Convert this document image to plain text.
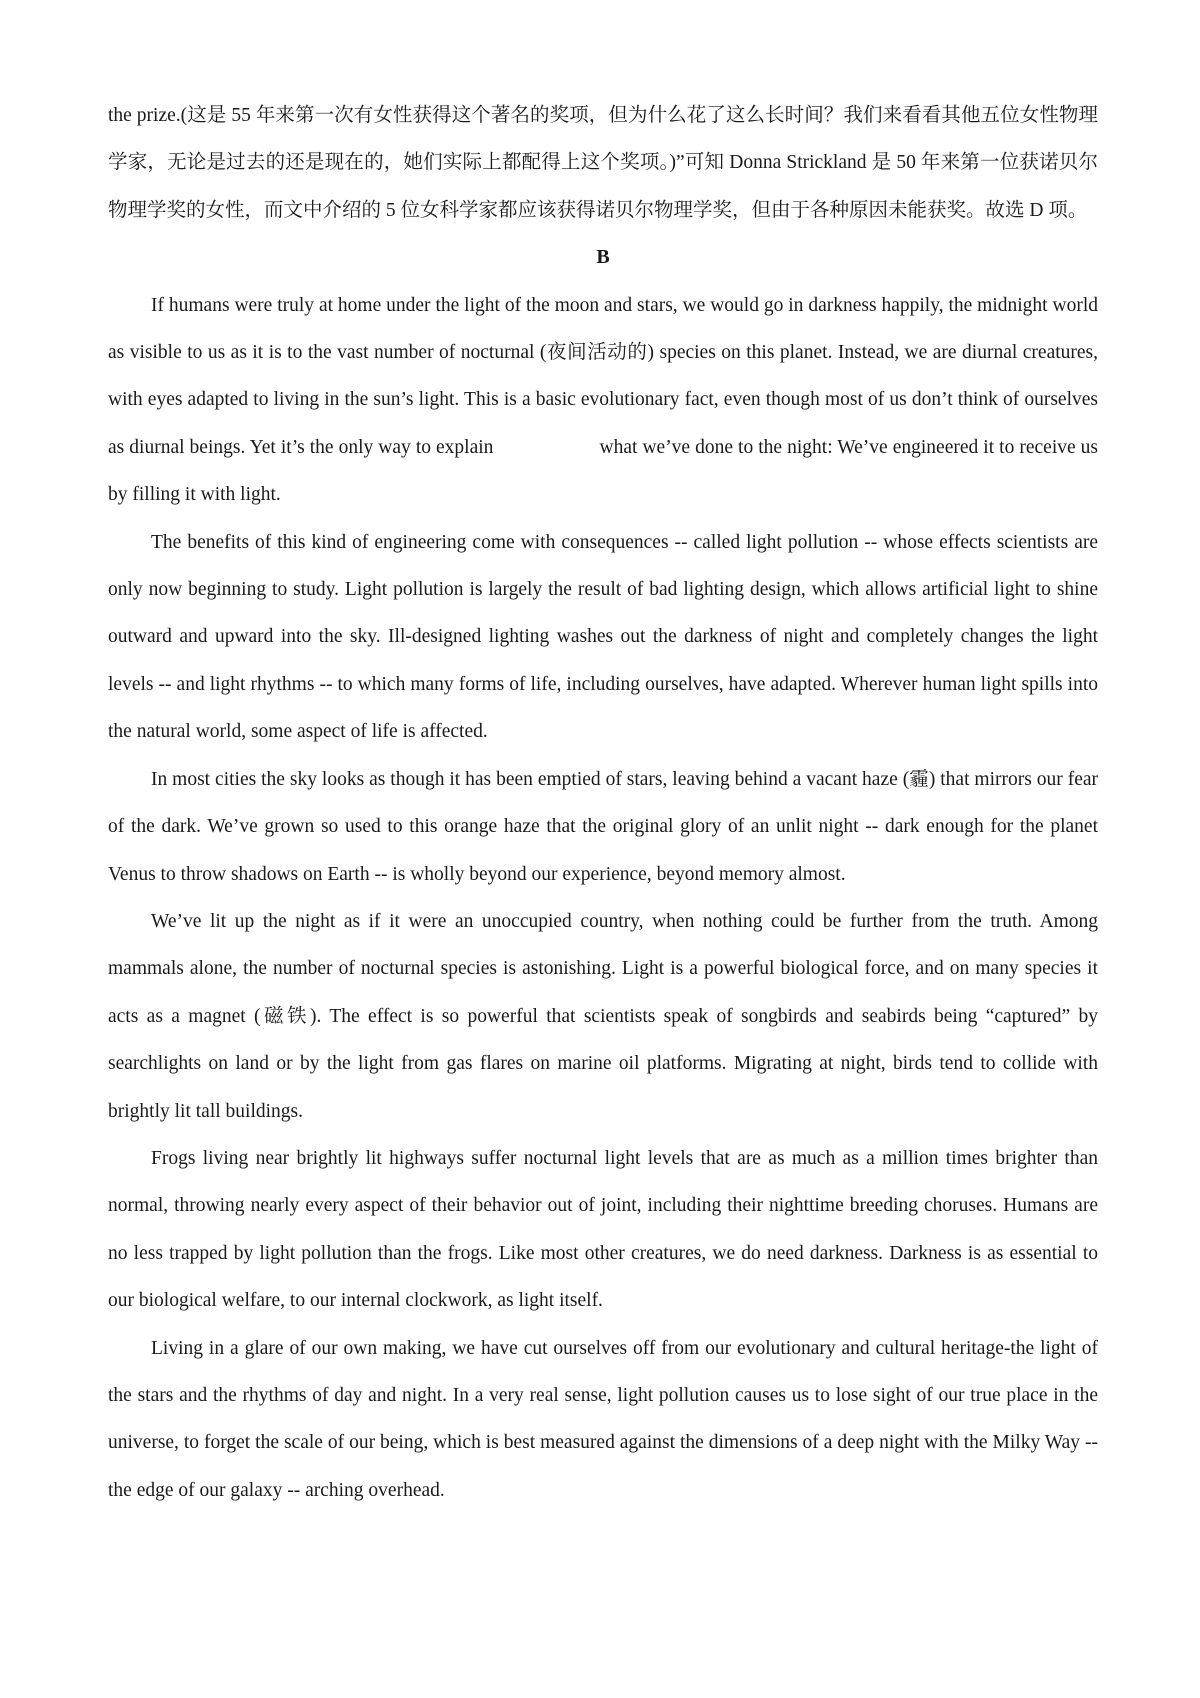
the prize.(这是 55 年来第一次有女性获得这个著名的奖项，但为什么花了这么长时间？我们来看看其他五位女性物理学家，无论是过去的还是现在的，她们实际上都配得上这个奖项。)”可知 Donna Strickland 是 50 年来第一位获诺贝尔物理学奖的女性，而文中介绍的 5 位女科学家都应该获得诺贝尔物理学奖，但由于各种原因未能获奖。故选 D 项。

B

If humans were truly at home under the light of the moon and stars, we would go in darkness happily, the midnight world as visible to us as it is to the vast number of nocturnal (夜间活动的) species on this planet. Instead, we are diurnal creatures, with eyes adapted to living in the sun’s light. This is a basic evolutionary fact, even though most of us don’t think of ourselves as diurnal beings. Yet it’s the only way to explain	what we’ve done to the night: We’ve engineered it to receive us by filling it with light.

The benefits of this kind of engineering come with consequences -- called light pollution -- whose effects scientists are only now beginning to study. Light pollution is largely the result of bad lighting design, which allows artificial light to shine outward and upward into the sky. Ill-designed lighting washes out the darkness of night and completely changes the light levels -- and light rhythms -- to which many forms of life, including ourselves, have adapted. Wherever human light spills into the natural world, some aspect of life is affected.

In most cities the sky looks as though it has been emptied of stars, leaving behind a vacant haze (霾) that mirrors our fear of the dark. We’ve grown so used to this orange haze that the original glory of an unlit night -- dark enough for the planet Venus to throw shadows on Earth -- is wholly beyond our experience, beyond memory almost.

We’ve lit up the night as if it were an unoccupied country, when nothing could be further from the truth. Among mammals alone, the number of nocturnal species is astonishing. Light is a powerful biological force, and on many species it acts as a magnet (磁铁). The effect is so powerful that scientists speak of songbirds and seabirds being “captured” by searchlights on land or by the light from gas flares on marine oil platforms. Migrating at night, birds tend to collide with brightly lit tall buildings.

Frogs living near brightly lit highways suffer nocturnal light levels that are as much as a million times brighter than normal, throwing nearly every aspect of their behavior out of joint, including their nighttime breeding choruses. Humans are no less trapped by light pollution than the frogs. Like most other creatures, we do need darkness. Darkness is as essential to our biological welfare, to our internal clockwork, as light itself.

Living in a glare of our own making, we have cut ourselves off from our evolutionary and cultural heritage-the light of the stars and the rhythms of day and night. In a very real sense, light pollution causes us to lose sight of our true place in the universe, to forget the scale of our being, which is best measured against the dimensions of a deep night with the Milky Way -- the edge of our galaxy -- arching overhead.
